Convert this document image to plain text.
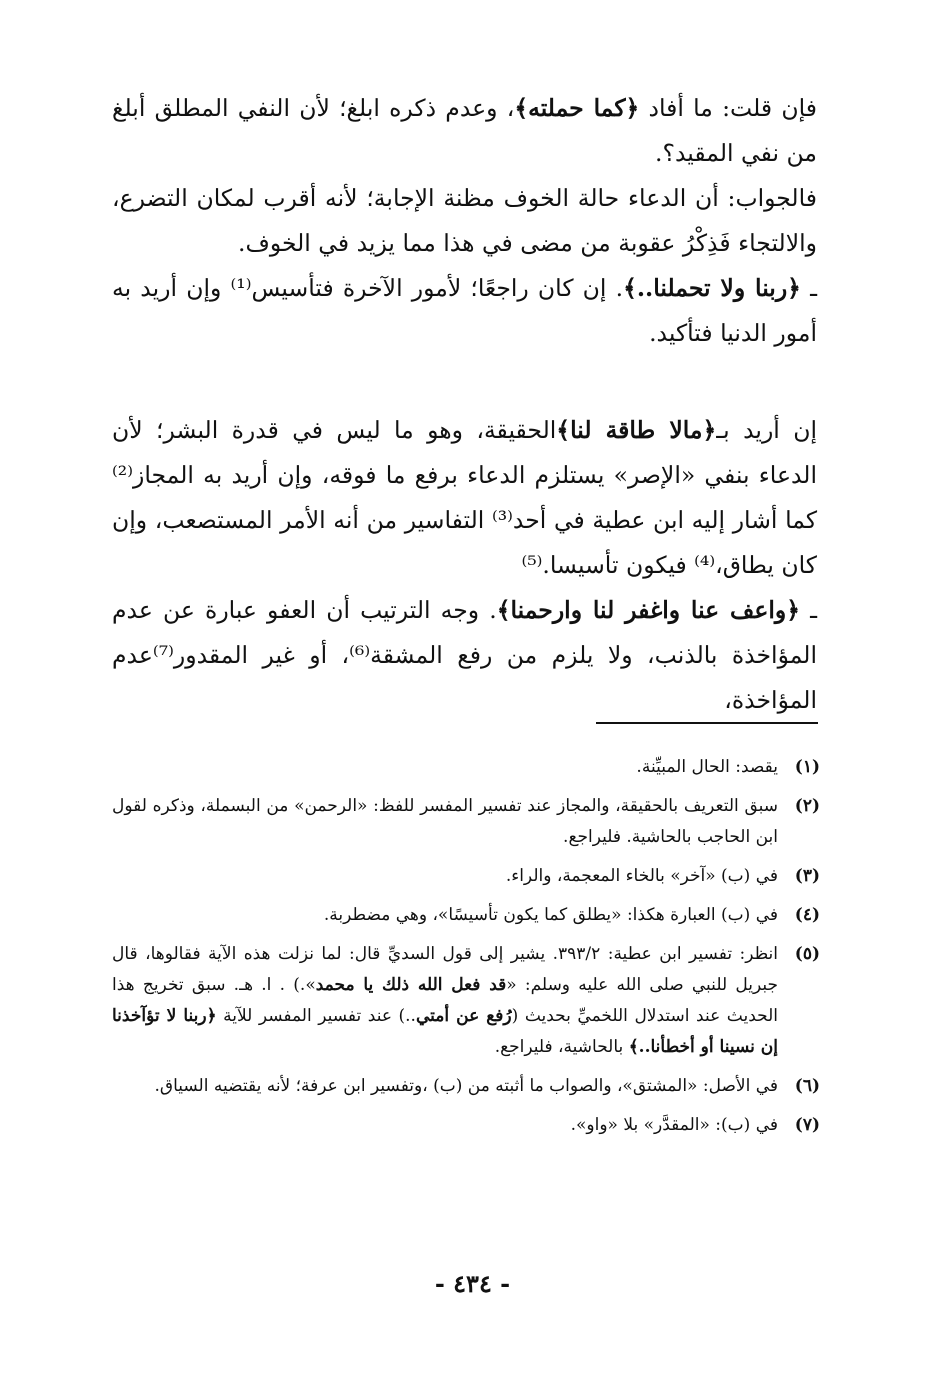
فإن قلت: ما أفاد ﴿كما حملته﴾، وعدم ذكره ابلغ؛ لأن النفي المطلق أبلغ من نفي المقيد؟.

فالجواب: أن الدعاء حالة الخوف مظنة الإجابة؛ لأنه أقرب لمكان التضرع، والالتجاء فَذِكْرُ عقوبة من مضى في هذا مما يزيد في الخوف.

ـ ﴿ربنا ولا تحملنا..﴾. إن كان راجعًا؛ لأمور الآخرة فتأسيس⁽¹⁾ وإن أريد به أمور الدنيا فتأكيد.

إن أريد بـ﴿مالا طاقة لنا﴾الحقيقة، وهو ما ليس في قدرة البشر؛ لأن الدعاء بنفي «الإصر» يستلزم الدعاء برفع ما فوقه، وإن أريد به المجاز⁽²⁾ كما أشار إليه ابن عطية في أحد⁽³⁾ التفاسير من أنه الأمر المستصعب، وإن كان يطاق،⁽⁴⁾ فيكون تأسيسا.⁽⁵⁾

ـ ﴿واعف عنا واغفر لنا وارحمنا﴾. وجه الترتيب أن العفو عبارة عن عدم المؤاخذة بالذنب، ولا يلزم من رفع المشقة⁽⁶⁾، أو غير المقدور⁽⁷⁾عدم المؤاخذة،

(١)
يقصد: الحال المبيِّنة.
(٢)
سبق التعريف بالحقيقة، والمجاز عند تفسير المفسر للفظ: «الرحمن» من البسملة، وذكره لقول ابن الحاجب بالحاشية. فليراجع.
(٣)
في (ب) «آخر» بالخاء المعجمة، والراء.
(٤)
في (ب) العبارة هكذا: «يطلق كما يكون تأسيسًا»، وهي مضطربة.
(٥)
انظر: تفسير ابن عطية: ٣٩٣/٢. يشير إلى قول السديِّ قال: لما نزلت هذه الآية فقالوها، قال جبريل للنبي صلى الله عليه وسلم: «قد فعل الله ذلك يا محمد».) . ا. هـ. سبق تخريج هذا الحديث عند استدلال اللخميِّ بحديث (رُفع عن أمتي..) عند تفسير المفسر للآية ﴿ربنا لا تؤآخذنا إن نسينا أو أخطأنا..﴾ بالحاشية، فليراجع.
(٦)
في الأصل: «المشتق»، والصواب ما أثبته من (ب) ،وتفسير ابن عرفة؛ لأنه يقتضيه السياق.
(٧)
في (ب): «المقدَّر» بلا «واو».
- ٤٣٤ -
